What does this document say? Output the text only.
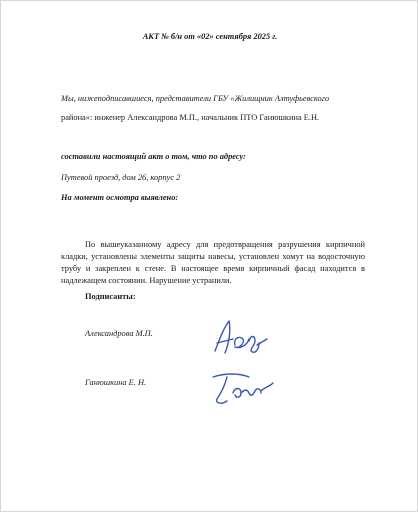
АКТ № б/н от «02» сентября 2025 г.
Мы, нижеподписавшиеся, представители ГБУ «Жилищник Алтуфьевского
района»: инженер Александрова М.П., начальник ПТО Ганюшкина Е.Н.
составили настоящий акт о том, что по адресу:
Путевой проезд, дом 26, корпус 2
На момент осмотра выявлено:
По вышеуказанному адресу для предотвращения разрушения кирпичной кладки, установлены элементы защиты навесы, установлен хомут на водосточную трубу и закреплен к стене. В настоящее время кирпичный фасад находится в надлежащем состоянии. Нарушение устранили.
Подписанты:
Александрова М.П.
Ганюшкина Е. Н.
